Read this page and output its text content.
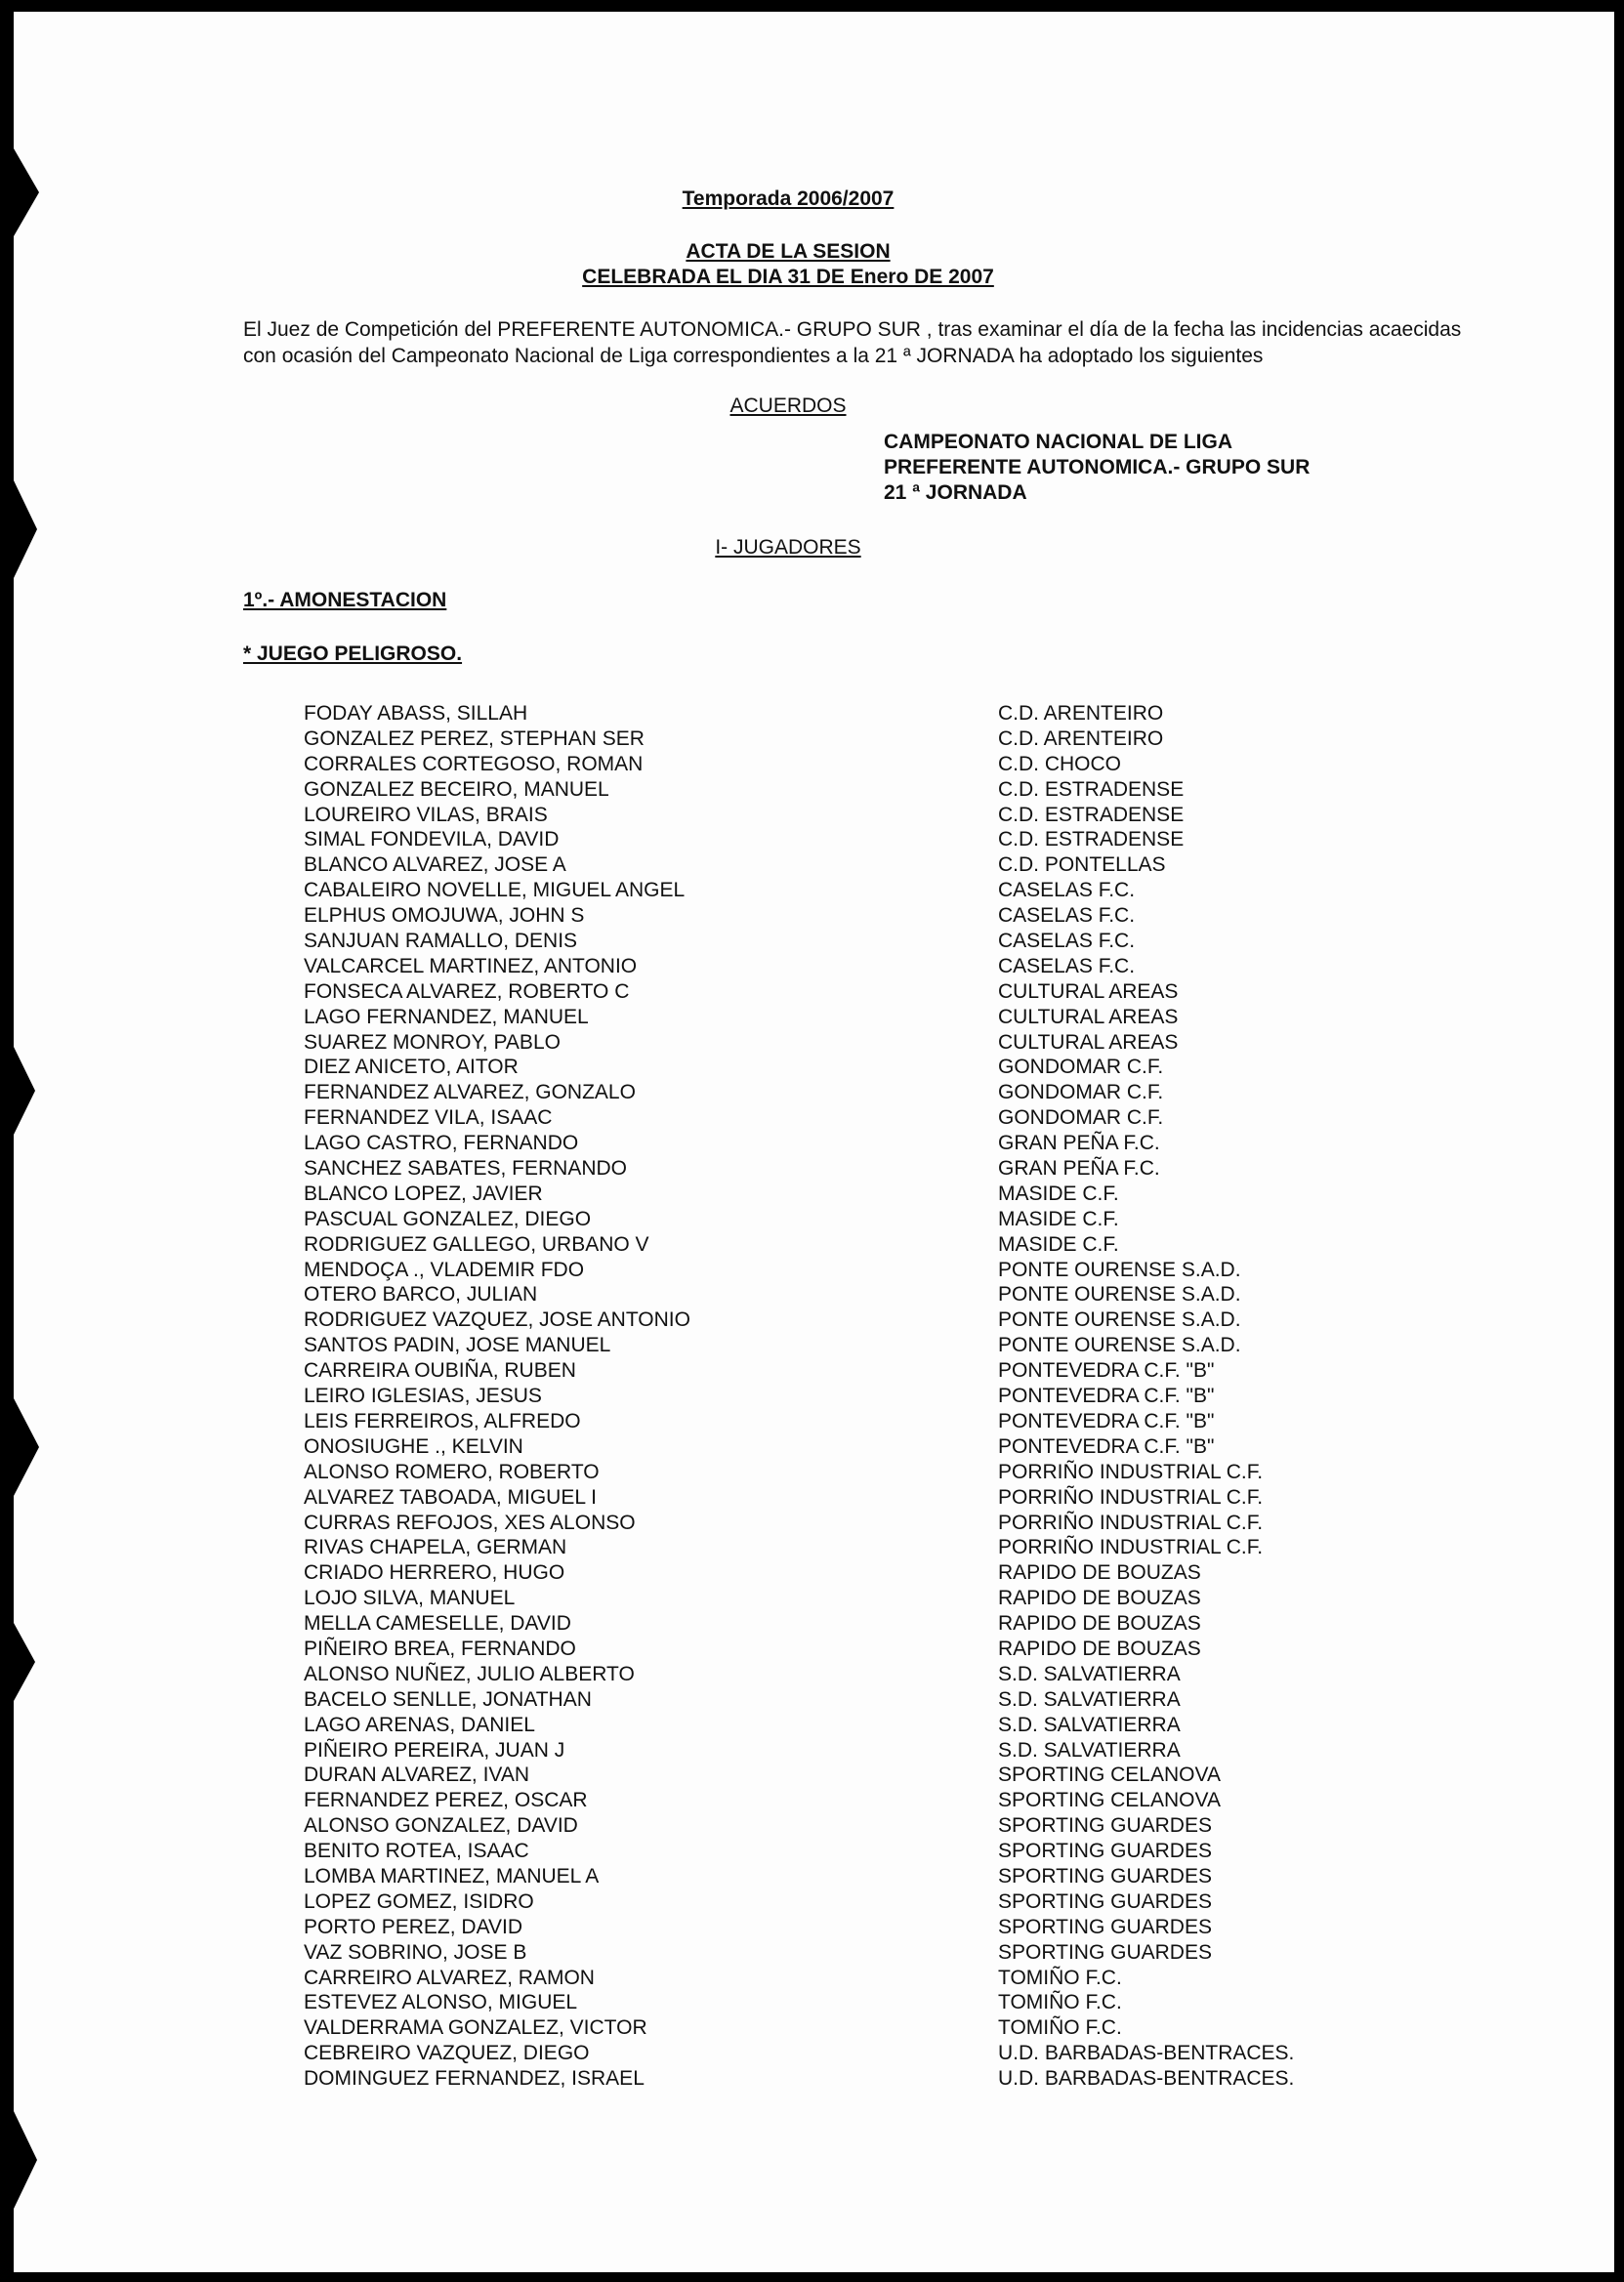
Temporada 2006/2007
ACTA DE LA SESION
CELEBRADA EL DIA 31 DE Enero DE 2007
El Juez de Competición del PREFERENTE AUTONOMICA.- GRUPO SUR , tras examinar el día de la fecha las incidencias acaecidas con ocasión del Campeonato Nacional de Liga correspondientes a la 21 ª JORNADA ha adoptado los siguientes
ACUERDOS
CAMPEONATO NACIONAL DE LIGA
PREFERENTE AUTONOMICA.- GRUPO SUR
21 ª JORNADA
I- JUGADORES
1º.- AMONESTACION
* JUEGO PELIGROSO.
FODAY ABASS, SILLAH	C.D. ARENTEIRO
GONZALEZ PEREZ, STEPHAN SER	C.D. ARENTEIRO
CORRALES CORTEGOSO, ROMAN	C.D. CHOCO
GONZALEZ BECEIRO, MANUEL	C.D. ESTRADENSE
LOUREIRO VILAS, BRAIS	C.D. ESTRADENSE
SIMAL FONDEVILA, DAVID	C.D. ESTRADENSE
BLANCO ALVAREZ, JOSE A	C.D. PONTELLAS
CABALEIRO NOVELLE, MIGUEL ANGEL	CASELAS F.C.
ELPHUS OMOJUWA, JOHN S	CASELAS F.C.
SANJUAN RAMALLO, DENIS	CASELAS F.C.
VALCARCEL MARTINEZ, ANTONIO	CASELAS F.C.
FONSECA ALVAREZ, ROBERTO C	CULTURAL AREAS
LAGO FERNANDEZ, MANUEL	CULTURAL AREAS
SUAREZ MONROY, PABLO	CULTURAL AREAS
DIEZ ANICETO, AITOR	GONDOMAR C.F.
FERNANDEZ ALVAREZ, GONZALO	GONDOMAR C.F.
FERNANDEZ VILA, ISAAC	GONDOMAR C.F.
LAGO CASTRO, FERNANDO	GRAN PEÑA F.C.
SANCHEZ SABATES, FERNANDO	GRAN PEÑA F.C.
BLANCO LOPEZ, JAVIER	MASIDE C.F.
PASCUAL GONZALEZ, DIEGO	MASIDE C.F.
RODRIGUEZ GALLEGO, URBANO V	MASIDE C.F.
MENDOÇA ., VLADEMIR FDO	PONTE OURENSE S.A.D.
OTERO BARCO, JULIAN	PONTE OURENSE S.A.D.
RODRIGUEZ VAZQUEZ, JOSE ANTONIO	PONTE OURENSE S.A.D.
SANTOS PADIN, JOSE MANUEL	PONTE OURENSE S.A.D.
CARREIRA OUBIÑA, RUBEN	PONTEVEDRA C.F. "B"
LEIRO IGLESIAS, JESUS	PONTEVEDRA C.F. "B"
LEIS FERREIROS, ALFREDO	PONTEVEDRA C.F. "B"
ONOSIUGHE ., KELVIN	PONTEVEDRA C.F. "B"
ALONSO ROMERO, ROBERTO	PORRIÑO INDUSTRIAL C.F.
ALVAREZ TABOADA, MIGUEL I	PORRIÑO INDUSTRIAL C.F.
CURRAS REFOJOS, XES ALONSO	PORRIÑO INDUSTRIAL C.F.
RIVAS CHAPELA, GERMAN	PORRIÑO INDUSTRIAL C.F.
CRIADO HERRERO, HUGO	RAPIDO DE BOUZAS
LOJO SILVA, MANUEL	RAPIDO DE BOUZAS
MELLA CAMESELLE, DAVID	RAPIDO DE BOUZAS
PIÑEIRO BREA, FERNANDO	RAPIDO DE BOUZAS
ALONSO NUÑEZ, JULIO ALBERTO	S.D. SALVATIERRA
BACELO SENLLE, JONATHAN	S.D. SALVATIERRA
LAGO ARENAS, DANIEL	S.D. SALVATIERRA
PIÑEIRO PEREIRA, JUAN J	S.D. SALVATIERRA
DURAN ALVAREZ, IVAN	SPORTING CELANOVA
FERNANDEZ PEREZ, OSCAR	SPORTING CELANOVA
ALONSO GONZALEZ, DAVID	SPORTING GUARDES
BENITO ROTEA, ISAAC	SPORTING GUARDES
LOMBA MARTINEZ, MANUEL A	SPORTING GUARDES
LOPEZ GOMEZ, ISIDRO	SPORTING GUARDES
PORTO PEREZ, DAVID	SPORTING GUARDES
VAZ SOBRINO, JOSE B	SPORTING GUARDES
CARREIRO ALVAREZ, RAMON	TOMIÑO F.C.
ESTEVEZ ALONSO, MIGUEL	TOMIÑO F.C.
VALDERRAMA GONZALEZ, VICTOR	TOMIÑO F.C.
CEBREIRO VAZQUEZ, DIEGO	U.D. BARBADAS-BENTRACES.
DOMINGUEZ FERNANDEZ, ISRAEL	U.D. BARBADAS-BENTRACES.
